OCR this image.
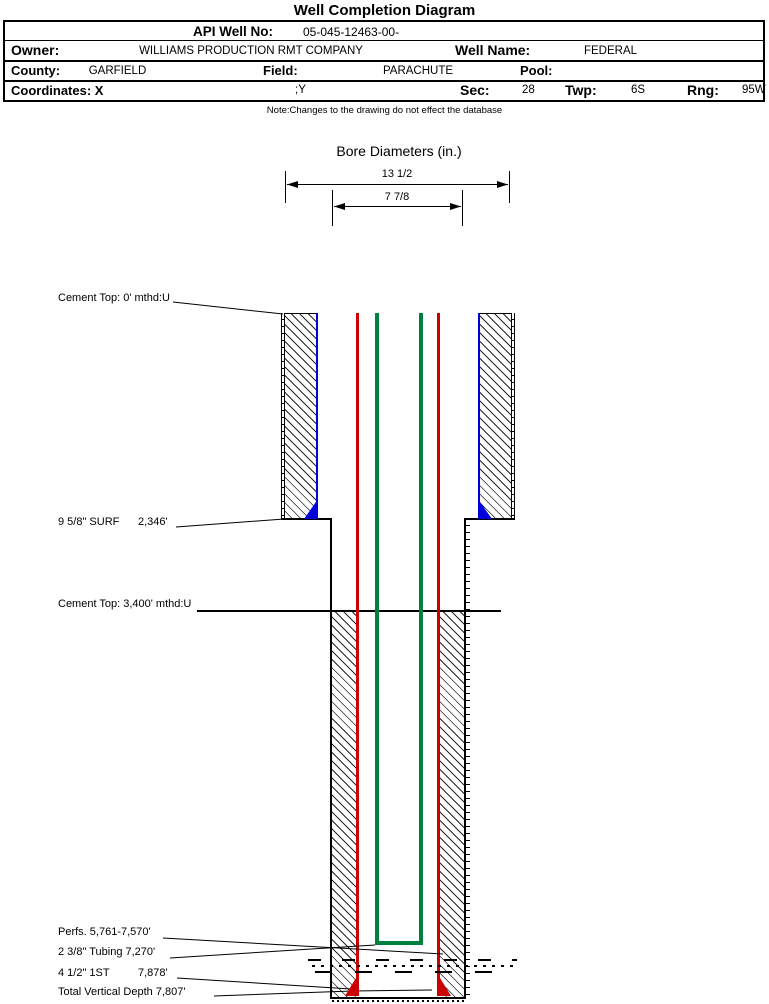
Well Completion Diagram
API Well No:	05-045-12463-00-
Owner:	WILLIAMS PRODUCTION RMT COMPANY	Well Name:	FEDERAL
County:	GARFIELD	Field:	PARACHUTE	Pool:
Coordinates: X	;Y	Sec:	28 Twp:	6S	Rng: 95W
Note:Changes to the drawing do not effect the database
Bore Diameters (in.)
13 1/2
7 7/8
Cement Top: 0' mthd:U
9 5/8" SURF 2,346'
Cement Top: 3,400' mthd:U
Perfs. 5,761-7,570'
2 3/8" Tubing 7,270'
4 1/2" 1ST	7,878'
Total Vertical Depth 7,807'
